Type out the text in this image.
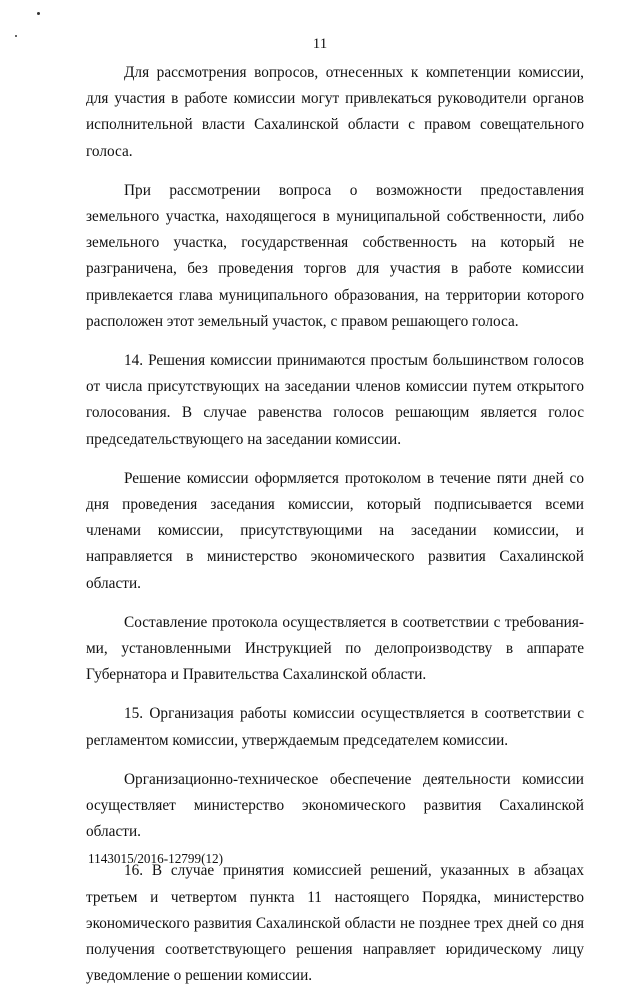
11

Для рассмотрения вопросов, отнесенных к компетенции комиссии, для участия в работе комиссии могут привлекаться руководители органов исполнительной власти Сахалинской области с правом совещательного голоса.

При рассмотрении вопроса о возможности предоставления земельного участка, находящегося в муниципальной собственности, либо земельного участка, государственная собственность на который не разграничена, без проведения торгов для участия в работе комиссии привлекается глава муниципального образования, на территории которого расположен этот земельный участок, с правом решающего голоса.

14. Решения комиссии принимаются простым большинством голосов от числа присутствующих на заседании членов комиссии путем открытого голосования. В случае равенства голосов решающим является голос председательствующего на заседании комиссии.

Решение комиссии оформляется протоколом в течение пяти дней со дня проведения заседания комиссии, который подписывается всеми членами комиссии, присутствующими на заседании комиссии, и направляется в министерство экономического развития Сахалинской области.

Составление протокола осуществляется в соответствии с требованиями, установленными Инструкцией по делопроизводству в аппарате Губернатора и Правительства Сахалинской области.

15. Организация работы комиссии осуществляется в соответствии с регламентом комиссии, утверждаемым председателем комиссии.

Организационно-техническое обеспечение деятельности комиссии осуществляет министерство экономического развития Сахалинской области.

16. В случае принятия комиссией решений, указанных в абзацах третьем и четвертом пункта 11 настоящего Порядка, министерство экономического развития Сахалинской области не позднее трех дней со дня получения соответствующего решения направляет юридическому лицу уведомление о решении комиссии.

1143015/2016-12799(12)
